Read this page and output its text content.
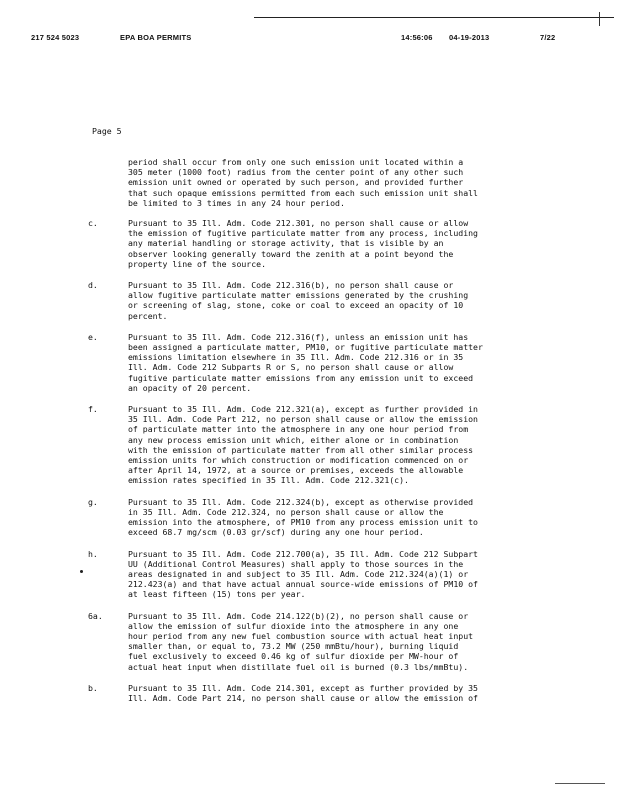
217 524 5023	EPA BOA PERMITS	14:56:06 04-19-2013	7/22
Page 5
period shall occur from only one such emission unit located within a
305 meter (1000 foot) radius from the center point of any other such
emission unit owned or operated by such person, and provided further
that such opaque emissions permitted from each such emission unit shall
be limited to 3 times in any 24 hour period.
c.	Pursuant to 35 Ill. Adm. Code 212.301, no person shall cause or allow
the emission of fugitive particulate matter from any process, including
any material handling or storage activity, that is visible by an
observer looking generally toward the zenith at a point beyond the
property line of the source.
d.	Pursuant to 35 Ill. Adm. Code 212.316(b), no person shall cause or
allow fugitive particulate matter emissions generated by the crushing
or screening of slag, stone, coke or coal to exceed an opacity of 10
percent.
e.	Pursuant to 35 Ill. Adm. Code 212.316(f), unless an emission unit has
been assigned a particulate matter, PM10, or fugitive particulate matter
emissions limitation elsewhere in 35 Ill. Adm. Code 212.316 or in 35
Ill. Adm. Code 212 Subparts R or S, no person shall cause or allow
fugitive particulate matter emissions from any emission unit to exceed
an opacity of 20 percent.
f.	Pursuant to 35 Ill. Adm. Code 212.321(a), except as further provided in
35 Ill. Adm. Code Part 212, no person shall cause or allow the emission
of particulate matter into the atmosphere in any one hour period from
any new process emission unit which, either alone or in combination
with the emission of particulate matter from all other similar process
emission units for which construction or modification commenced on or
after April 14, 1972, at a source or premises, exceeds the allowable
emission rates specified in 35 Ill. Adm. Code 212.321(c).
g.	Pursuant to 35 Ill. Adm. Code 212.324(b), except as otherwise provided
in 35 Ill. Adm. Code 212.324, no person shall cause or allow the
emission into the atmosphere, of PM10 from any process emission unit to
exceed 68.7 mg/scm (0.03 gr/scf) during any one hour period.
h.	Pursuant to 35 Ill. Adm. Code 212.700(a), 35 Ill. Adm. Code 212 Subpart
UU (Additional Control Measures) shall apply to those sources in the
areas designated in and subject to 35 Ill. Adm. Code 212.324(a)(1) or
212.423(a) and that have actual annual source-wide emissions of PM10 of
at least fifteen (15) tons per year.
6a.	Pursuant to 35 Ill. Adm. Code 214.122(b)(2), no person shall cause or
allow the emission of sulfur dioxide into the atmosphere in any one
hour period from any new fuel combustion source with actual heat input
smaller than, or equal to, 73.2 MW (250 mmBtu/hour), burning liquid
fuel exclusively to exceed 0.46 kg of sulfur dioxide per MW-hour of
actual heat input when distillate fuel oil is burned (0.3 lbs/mmBtu).
b.	Pursuant to 35 Ill. Adm. Code 214.301, except as further provided by 35
Ill. Adm. Code Part 214, no person shall cause or allow the emission of
